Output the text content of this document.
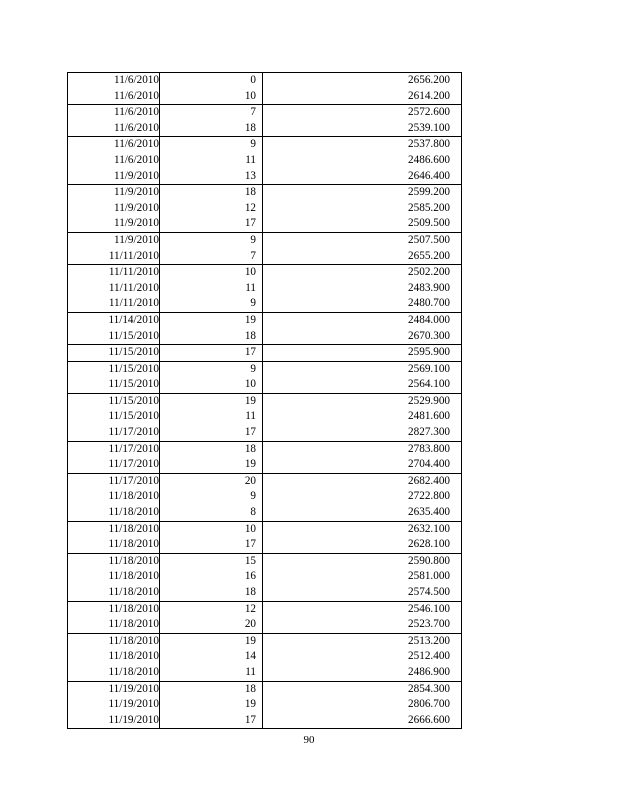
11/6/2010	0	2656.200
11/6/2010	10	2614.200
11/6/2010	7	2572.600
11/6/2010	18	2539.100
11/6/2010	9	2537.800
11/6/2010	11	2486.600
11/9/2010	13	2646.400
11/9/2010	18	2599.200
11/9/2010	12	2585.200
11/9/2010	17	2509.500
11/9/2010	9	2507.500
11/11/2010	7	2655.200
11/11/2010	10	2502.200
11/11/2010	11	2483.900
11/11/2010	9	2480.700
11/14/2010	19	2484.000
11/15/2010	18	2670.300
11/15/2010	17	2595.900
11/15/2010	9	2569.100
11/15/2010	10	2564.100
11/15/2010	19	2529.900
11/15/2010	11	2481.600
11/17/2010	17	2827.300
11/17/2010	18	2783.800
11/17/2010	19	2704.400
11/17/2010	20	2682.400
11/18/2010	9	2722.800
11/18/2010	8	2635.400
11/18/2010	10	2632.100
11/18/2010	17	2628.100
11/18/2010	15	2590.800
11/18/2010	16	2581.000
11/18/2010	18	2574.500
11/18/2010	12	2546.100
11/18/2010	20	2523.700
11/18/2010	19	2513.200
11/18/2010	14	2512.400
11/18/2010	11	2486.900
11/19/2010	18	2854.300
11/19/2010	19	2806.700
11/19/2010	17	2666.600
90
